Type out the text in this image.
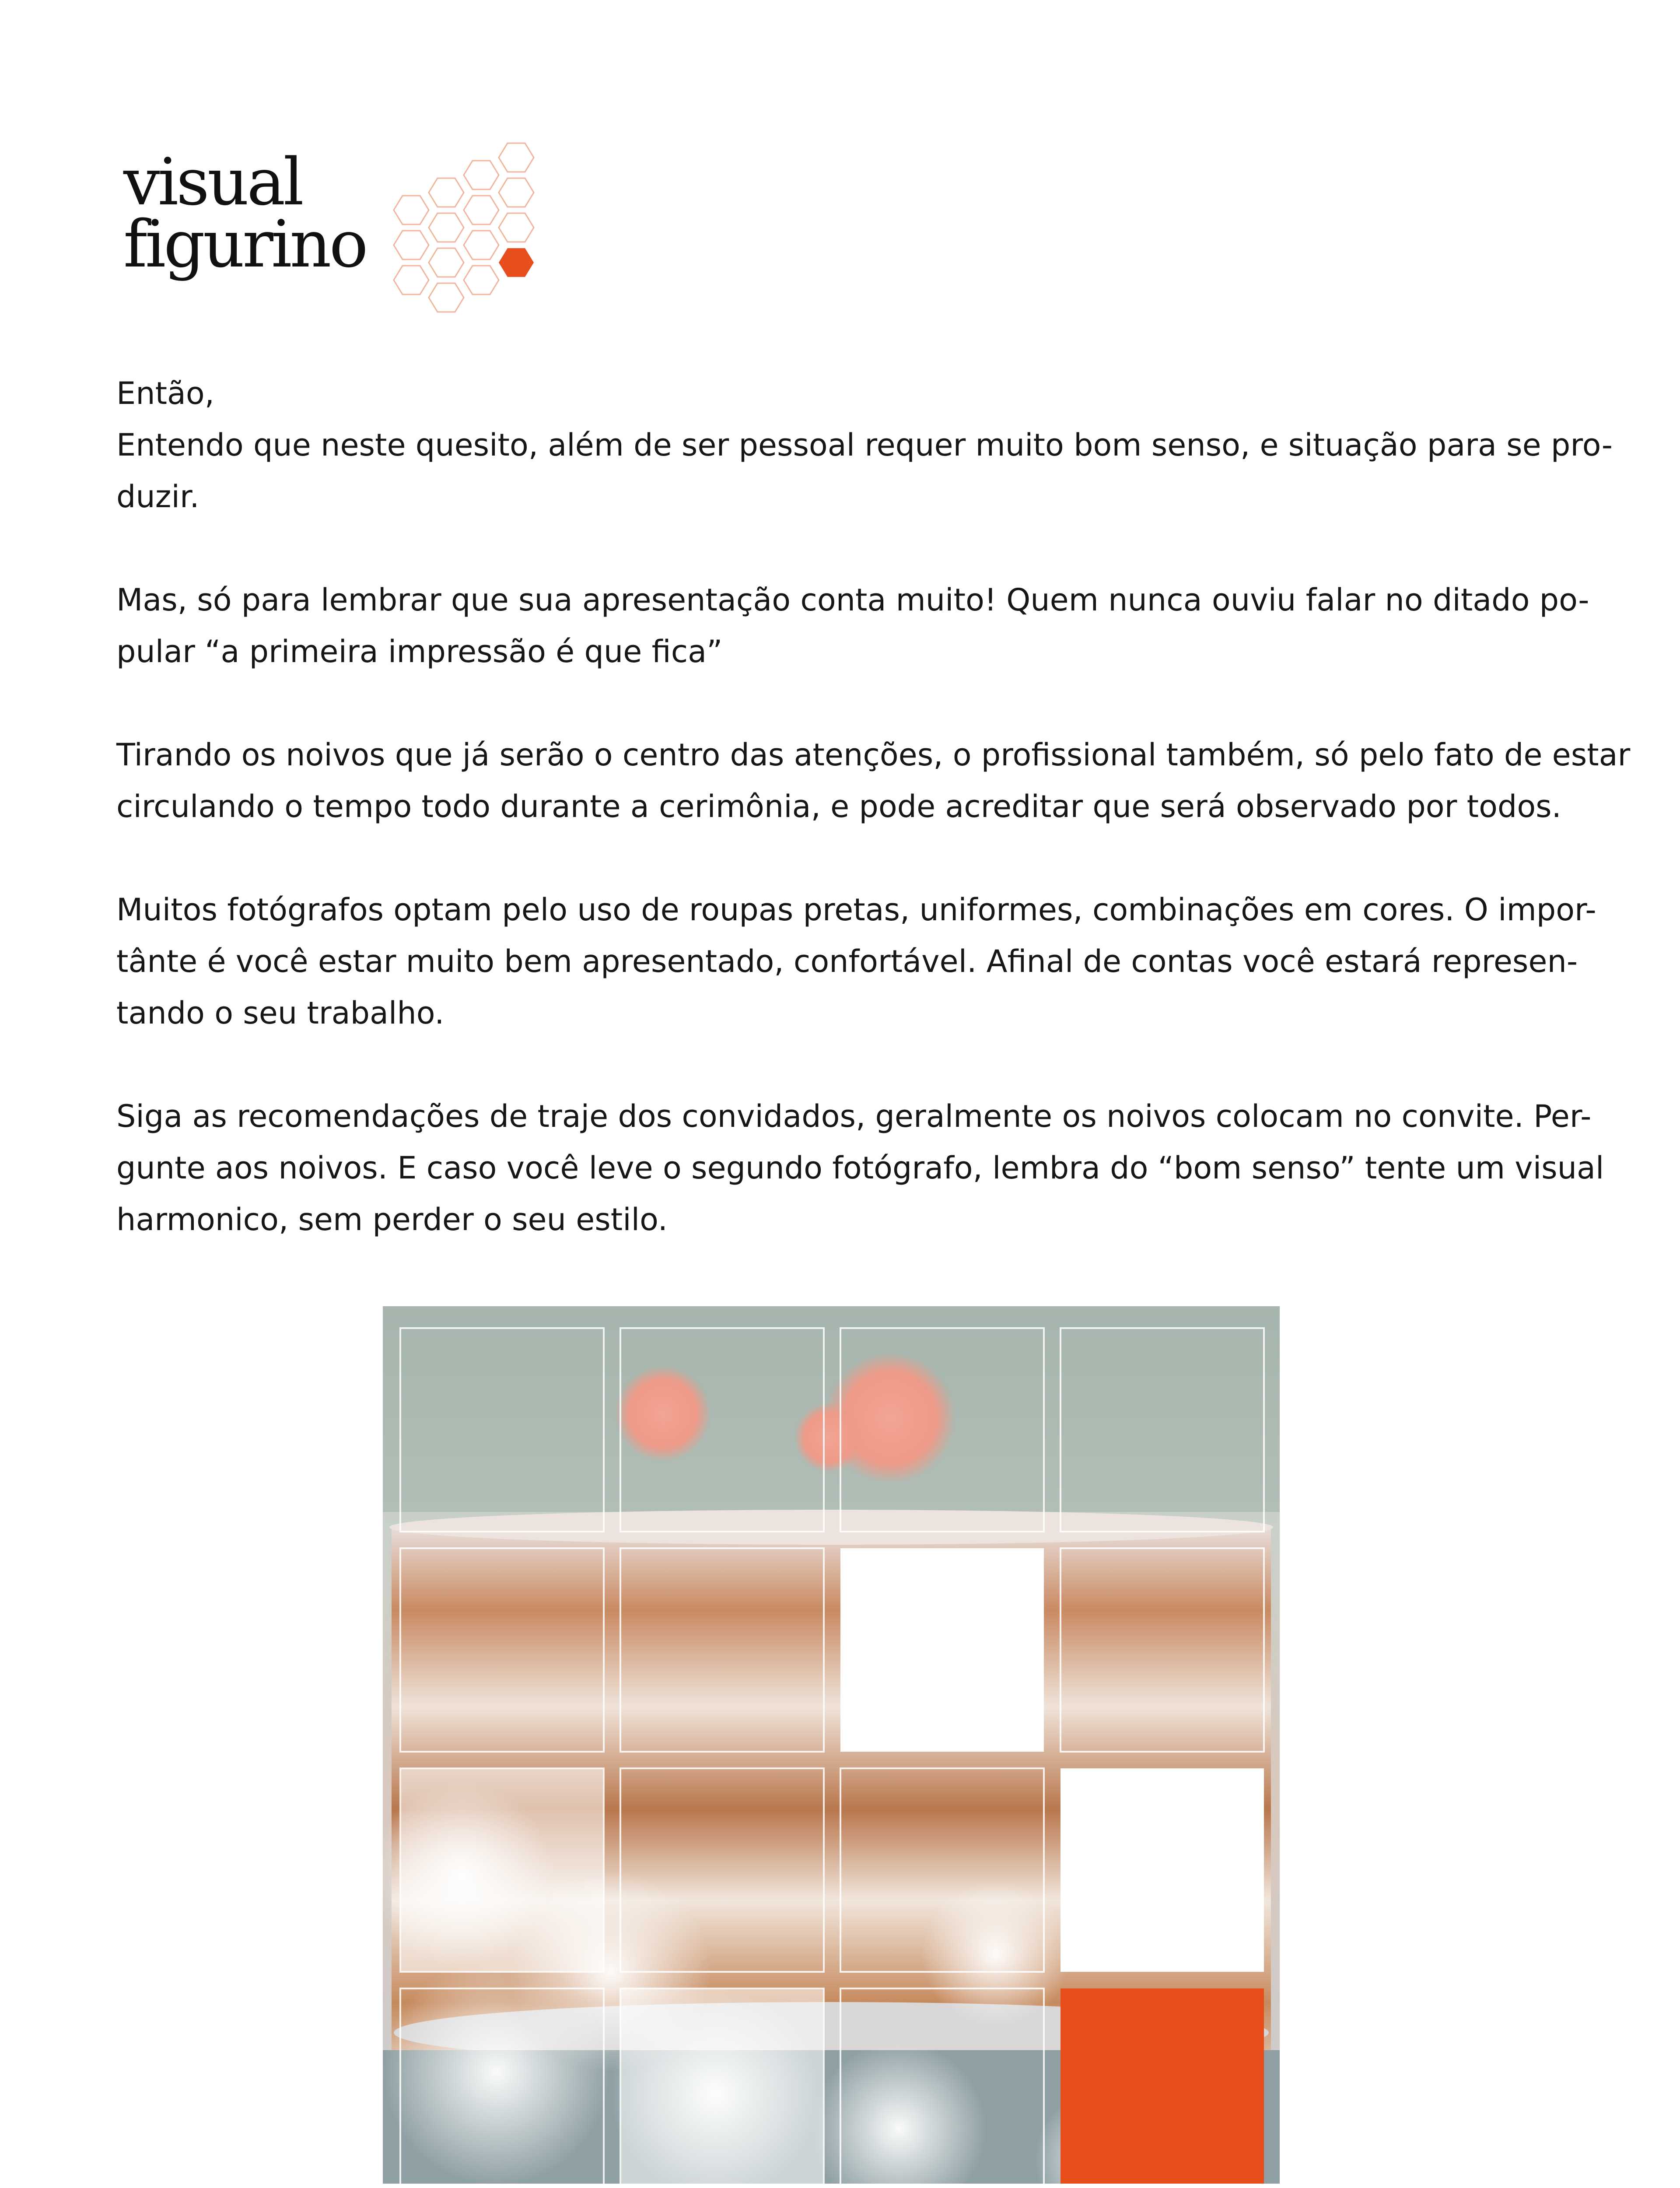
visual
figurino

Então,
Entendo que neste quesito, além de ser pessoal requer muito bom senso, e situação para se pro-
duzir.

Mas, só para lembrar que sua apresentação conta muito! Quem nunca ouviu falar no ditado po-
pular “a primeira impressão é que fica”

Tirando os noivos que já serão o centro das atenções, o profissional também, só pelo fato de estar
circulando o tempo todo durante a cerimônia, e pode acreditar que será observado por todos.

Muitos fotógrafos optam pelo uso de roupas pretas, uniformes, combinações em cores. O impor-
tânte é você estar muito bem apresentado, confortável. Afinal de contas você estará represen-
tando o seu trabalho.

Siga as recomendações de traje dos convidados, geralmente os noivos colocam no convite. Per-
gunte aos noivos. E caso você leve o segundo fotógrafo, lembra do “bom senso” tente um visual
harmonico, sem perder o seu estilo.
